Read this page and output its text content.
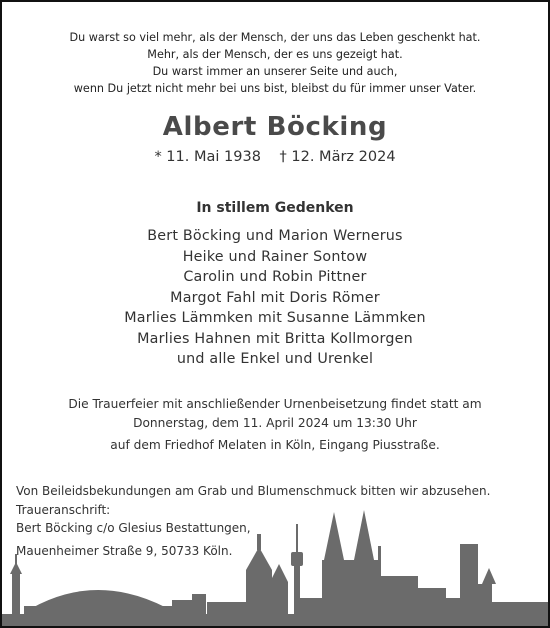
Du warst so viel mehr, als der Mensch, der uns das Leben geschenkt hat.
Mehr, als der Mensch, der es uns gezeigt hat.
Du warst immer an unserer Seite und auch,
wenn Du jetzt nicht mehr bei uns bist, bleibst du für immer unser Vater.
Albert Böcking
* 11. Mai 1938 † 12. März 2024
In stillem Gedenken
Bert Böcking und Marion Wernerus
Heike und Rainer Sontow
Carolin und Robin Pittner
Margot Fahl mit Doris Römer
Marlies Lämmken mit Susanne Lämmken
Marlies Hahnen mit Britta Kollmorgen
und alle Enkel und Urenkel
Die Trauerfeier mit anschließender Urnenbeisetzung findet statt am
Donnerstag, dem 11. April 2024 um 13:30 Uhr
auf dem Friedhof Melaten in Köln, Eingang Piusstraße.
Von Beileidsbekundungen am Grab und Blumenschmuck bitten wir abzusehen.
Traueranschrift:
Bert Böcking c/o Glesius Bestattungen,
Mauenheimer Straße 9, 50733 Köln.
